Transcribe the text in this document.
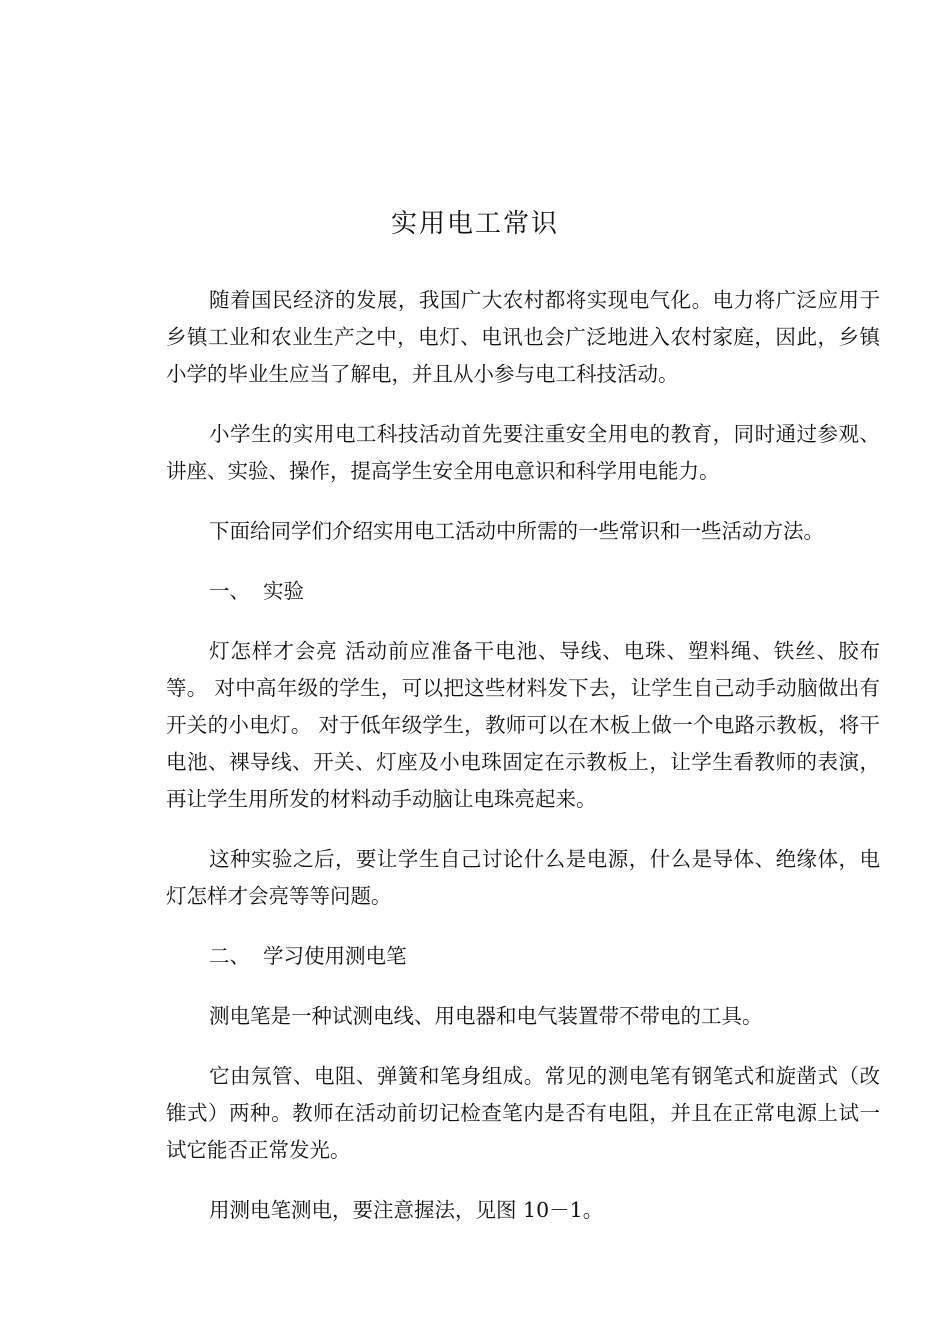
实用电工常识

随着国民经济的发展，我国广大农村都将实现电气化。电力将广泛应用于乡镇工业和农业生产之中，电灯、电讯也会广泛地进入农村家庭，因此，乡镇小学的毕业生应当了解电，并且从小参与电工科技活动。

小学生的实用电工科技活动首先要注重安全用电的教育，同时通过参观、讲座、实验、操作，提高学生安全用电意识和科学用电能力。

下面给同学们介绍实用电工活动中所需的一些常识和一些活动方法。

一、 实验

灯怎样才会亮 活动前应准备干电池、导线、电珠、塑料绳、铁丝、胶布等。 对中高年级的学生，可以把这些材料发下去，让学生自己动手动脑做出有开关的小电灯。 对于低年级学生，教师可以在木板上做一个电路示教板，将干电池、裸导线、开关、灯座及小电珠固定在示教板上，让学生看教师的表演，再让学生用所发的材料动手动脑让电珠亮起来。

这种实验之后，要让学生自己讨论什么是电源，什么是导体、绝缘体，电灯怎样才会亮等等问题。

二、 学习使用测电笔

测电笔是一种试测电线、用电器和电气装置带不带电的工具。

它由氖管、电阻、弹簧和笔身组成。常见的测电笔有钢笔式和旋凿式（改锥式）两种。教师在活动前切记检查笔内是否有电阻，并且在正常电源上试一试它能否正常发光。

用测电笔测电，要注意握法，见图 10－1。
